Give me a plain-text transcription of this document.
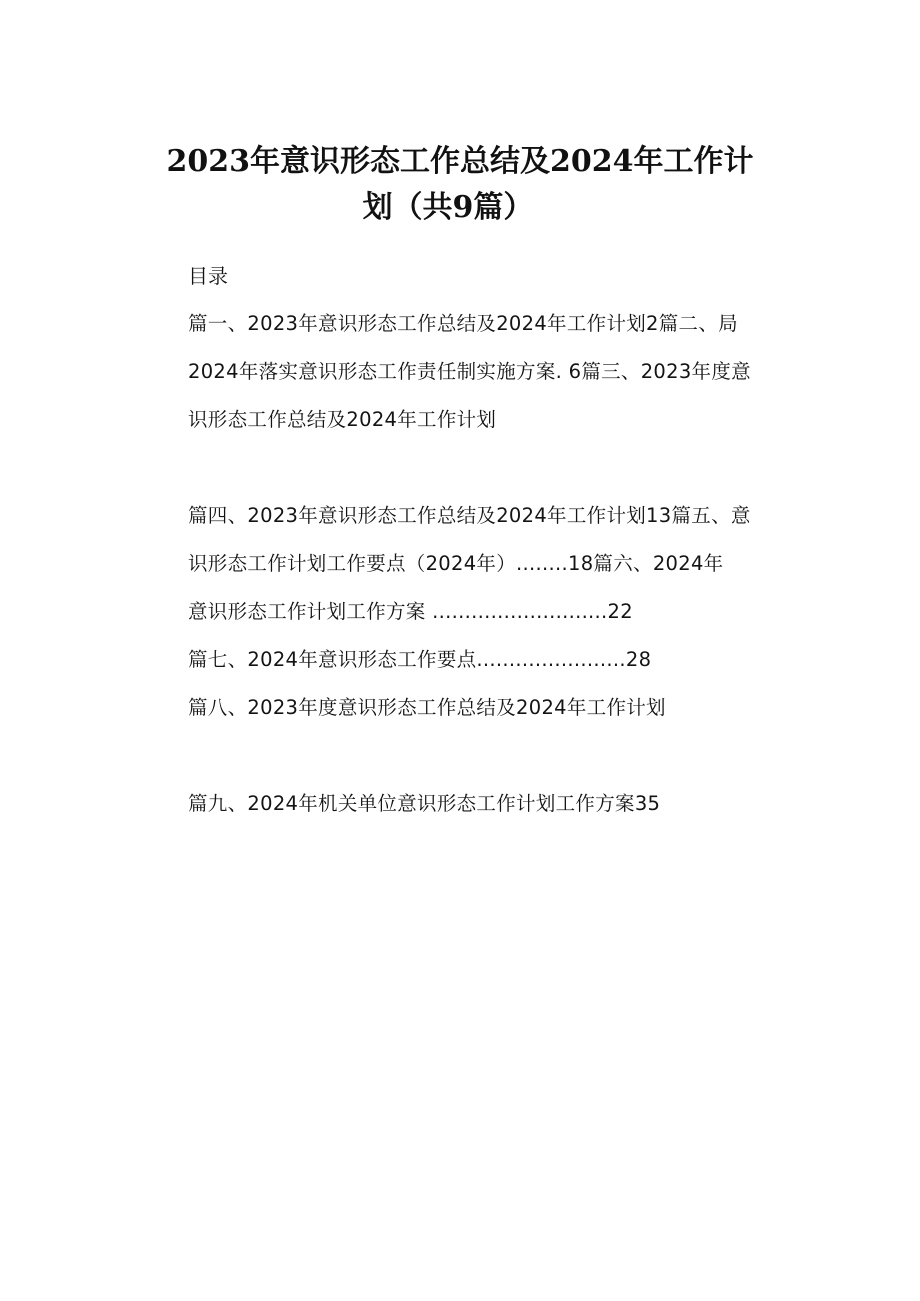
2023年意识形态工作总结及2024年工作计
划（共9篇）
目录
篇一、2023年意识形态工作总结及2024年工作计划2篇二、局
2024年落实意识形态工作责任制实施方案. 6篇三、2023年度意
识形态工作总结及2024年工作计划
篇四、2023年意识形态工作总结及2024年工作计划13篇五、意
识形态工作计划工作要点（2024年）........18篇六、2024年
意识形态工作计划工作方案 ...........................22
篇七、2024年意识形态工作要点.......................28
篇八、2023年度意识形态工作总结及2024年工作计划
篇九、2024年机关单位意识形态工作计划工作方案35
